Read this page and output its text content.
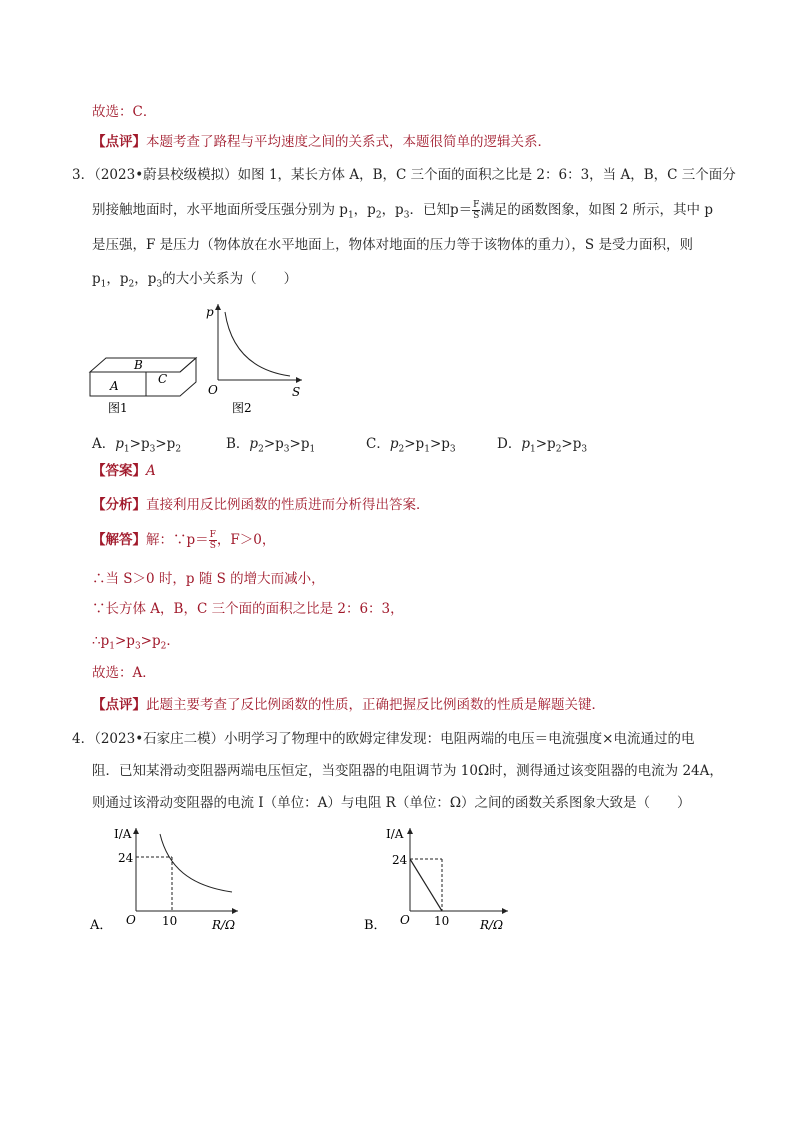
故选：C．
【点评】本题考查了路程与平均速度之间的关系式，本题很简单的逻辑关系．
3．（2023•蔚县校级模拟）如图 1，某长方体 A，B，C 三个面的面积之比是 2：6：3，当 A，B，C 三个面分
别接触地面时，水平地面所受压强分别为 $p_1$，$p_2$，$p_3$．已知$p= \frac{F}{S}$ 满足的函数图象，如图 2 所示，其中 p
是压强，F 是压力（物体放在水平地面上，物体对地面的压力等于该物体的重力），S 是受力面积，则
$p_1$，$p_2$，$p_3$的大小关系为（　　）
B
A	C
图1
p
S
O
图2
A．$p_1>p_3>p_2$	B．$p_2>p_3>p_1$	C．$p_2>p_1>p_3$	D．$p_1>p_2>p_3$
【答案】A
【分析】直接利用反比例函数的性质进而分析得出答案．
【解答】解：∵p＝ $\frac{F}{S}$ ，F＞0，
∴当 S＞0 时，p 随 S 的增大而减小，
∵长方体 A，B，C 三个面的面积之比是 2：6：3，
$\therefore p_1>p_3>p_2$．
故选：A．
【点评】此题主要考查了反比例函数的性质，正确把握反比例函数的性质是解题关键．
4．（2023•石家庄二模）小明学习了物理中的欧姆定律发现：电阻两端的电压＝电流强度×电流通过的电
阻．已知某滑动变阻器两端电压恒定，当变阻器的电阻调节为 10Ω时，测得通过该变阻器的电流为 24A，
则通过该滑动变阻器的电流 I（单位：A）与电阻 R（单位：Ω）之间的函数关系图象大致是（　　）
I/A
24
10
O	R/Ω
A．
I/A
24
10
O	R/Ω
B．
